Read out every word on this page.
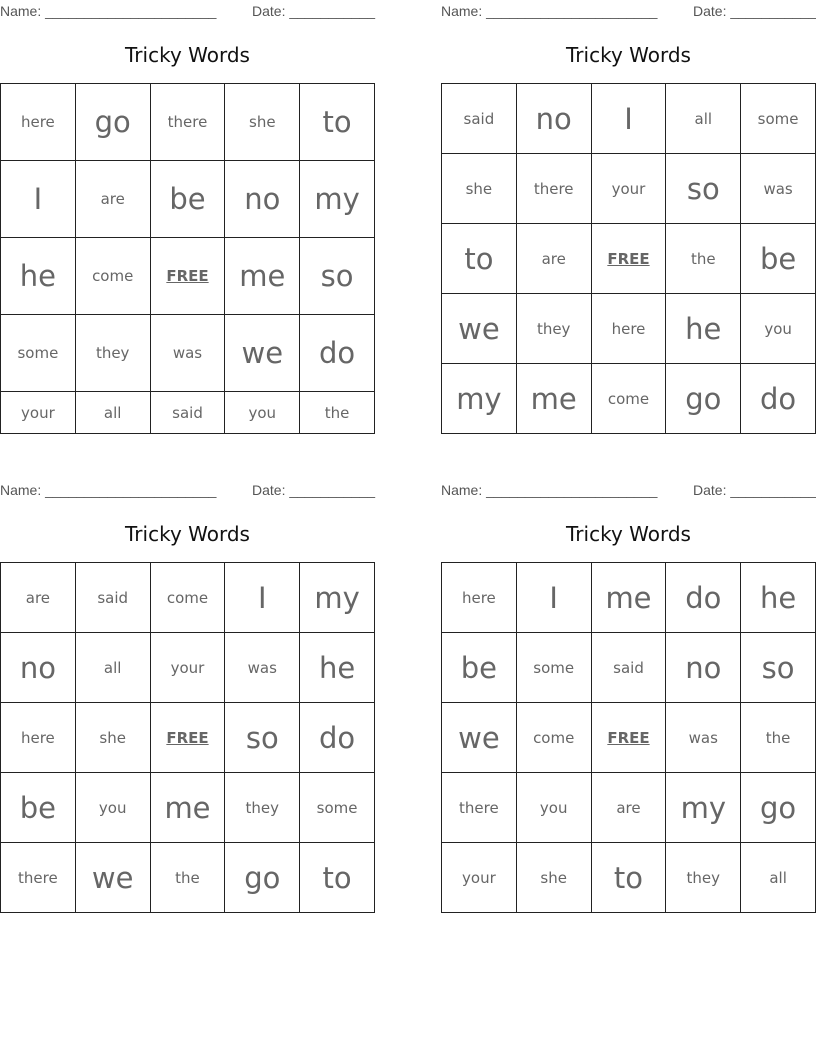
Name: ______________________	Date: ___________
Tricky Words
here	go	there	she	to
I	are	be	no	my
he	come	FREE	me	so
some	they	was	we	do
your	all	said	you	the
Name: ______________________	Date: ___________
Tricky Words
said	no	I	all	some
she	there	your	so	was
to	are	FREE	the	be
we	they	here	he	you
my	me	come	go	do
Name: ______________________	Date: ___________
Tricky Words
are	said	come	I	my
no	all	your	was	he
here	she	FREE	so	do
be	you	me	they	some
there	we	the	go	to
Name: ______________________	Date: ___________
Tricky Words
here	I	me	do	he
be	some	said	no	so
we	come	FREE	was	the
there	you	are	my	go
your	she	to	they	all
